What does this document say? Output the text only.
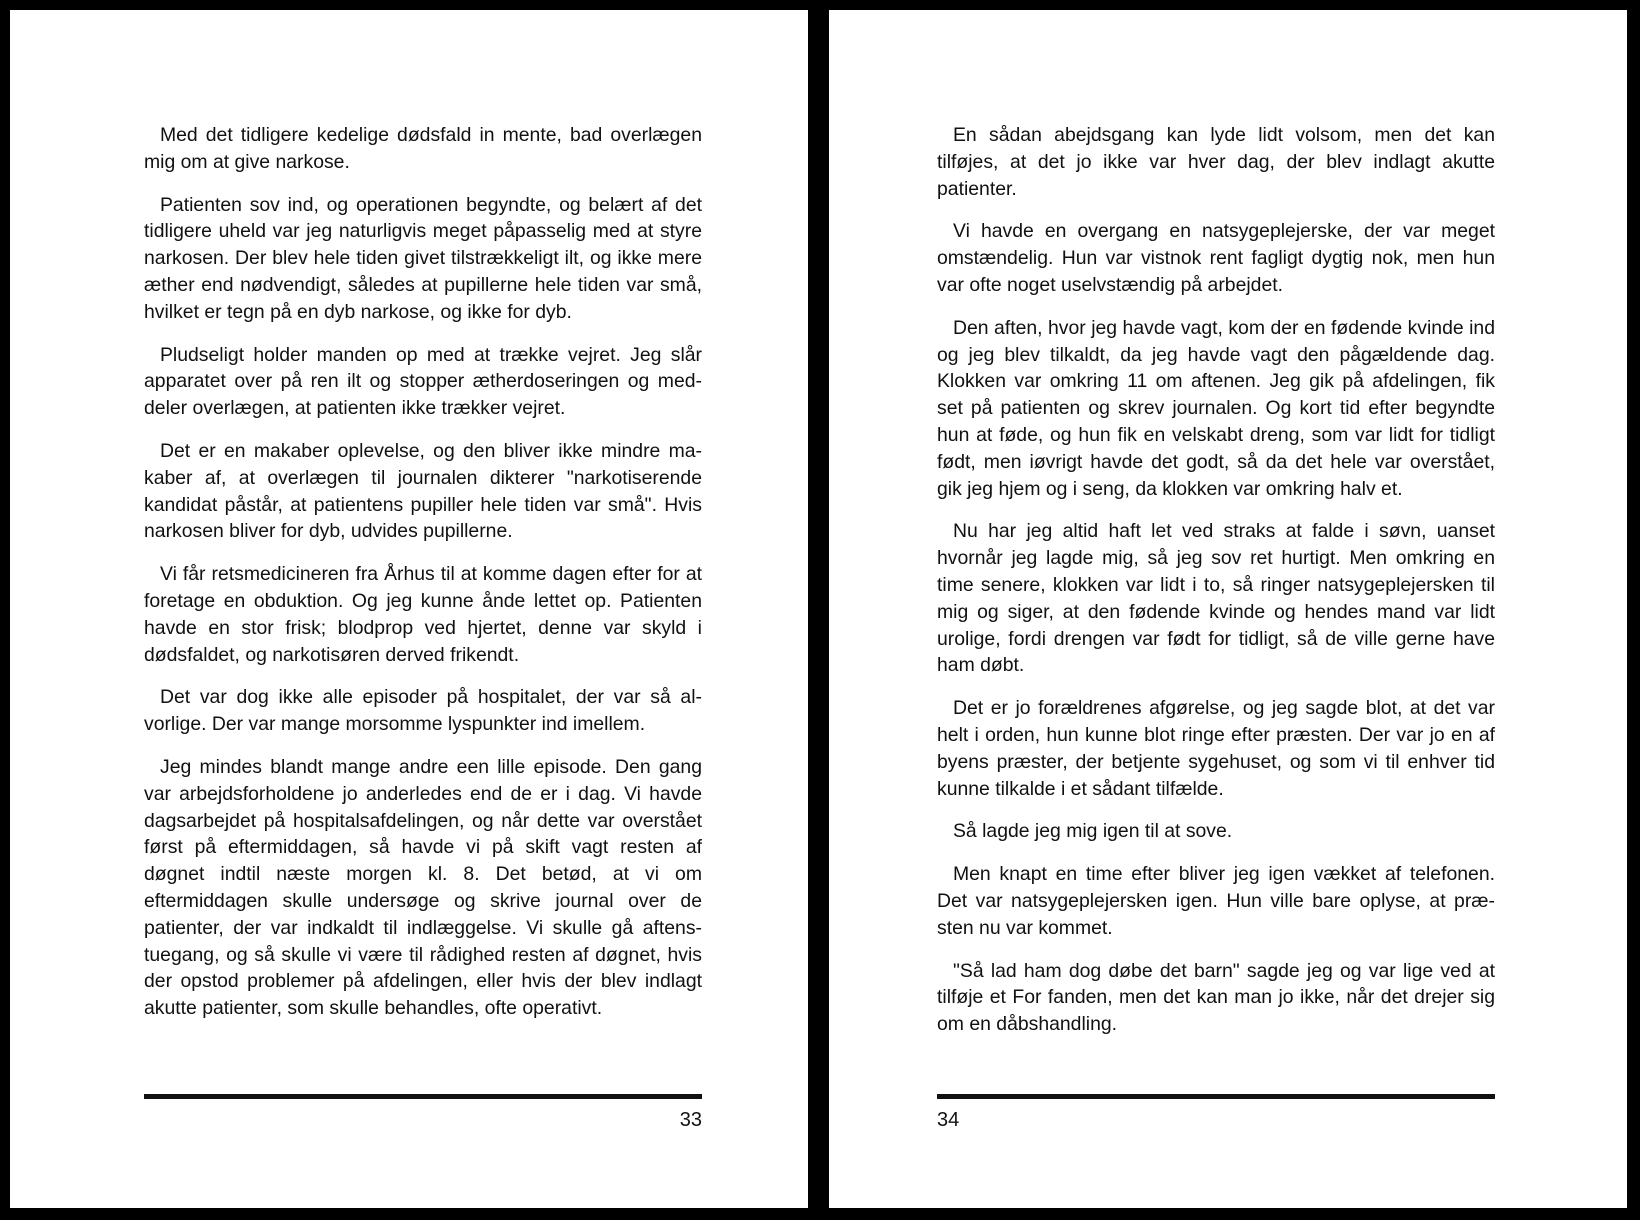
Med det tidligere kedelige dødsfald in mente, bad overlægen mig om at give narkose.

Patienten sov ind, og operationen begyndte, og belært af det tidligere uheld var jeg naturligvis meget påpasselig med at styre narkosen. Der blev hele tiden givet tilstrækkeligt ilt, og ikke mere æther end nødvendigt, således at pupillerne hele tiden var små, hvilket er tegn på en dyb narkose, og ikke for dyb.

Pludseligt holder manden op med at trække vejret. Jeg slår apparatet over på ren ilt og stopper ætherdoseringen og meddeler overlægen, at patienten ikke trækker vejret.

Det er en makaber oplevelse, og den bliver ikke mindre makaber af, at overlægen til journalen dikterer "narkotiserende kandidat påstår, at patientens pupiller hele tiden var små". Hvis narkosen bliver for dyb, udvides pupillerne.

Vi får retsmedicineren fra Århus til at komme dagen efter for at foretage en obduktion. Og jeg kunne ånde lettet op. Patienten havde en stor frisk; blodprop ved hjertet, denne var skyld i dødsfaldet, og narkotisøren derved frikendt.

Det var dog ikke alle episoder på hospitalet, der var så alvorlige. Der var mange morsomme lyspunkter ind imellem.

Jeg mindes blandt mange andre een lille episode. Den gang var arbejdsforholdene jo anderledes end de er i dag. Vi havde dagsarbejdet på hospitalsafdelingen, og når dette var overstået først på eftermiddagen, så havde vi på skift vagt resten af døgnet indtil næste morgen kl. 8. Det betød, at vi om eftermiddagen skulle undersøge og skrive journal over de patienter, der var indkaldt til indlæggelse. Vi skulle gå aftenstuegang, og så skulle vi være til rådighed resten af døgnet, hvis der opstod problemer på afdelingen, eller hvis der blev indlagt akutte patienter, som skulle behandles, ofte operativt.

33

En sådan abejdsgang kan lyde lidt volsom, men det kan tilføjes, at det jo ikke var hver dag, der blev indlagt akutte patienter.

Vi havde en overgang en natsygeplejerske, der var meget omstændelig. Hun var vistnok rent fagligt dygtig nok, men hun var ofte noget uselvstændig på arbejdet.

Den aften, hvor jeg havde vagt, kom der en fødende kvinde ind og jeg blev tilkaldt, da jeg havde vagt den pågældende dag. Klokken var omkring 11 om aftenen. Jeg gik på afdelingen, fik set på patienten og skrev journalen. Og kort tid efter begyndte hun at føde, og hun fik en velskabt dreng, som var lidt for tidligt født, men iøvrigt havde det godt, så da det hele var overstået, gik jeg hjem og i seng, da klokken var omkring halv et.

Nu har jeg altid haft let ved straks at falde i søvn, uanset hvornår jeg lagde mig, så jeg sov ret hurtigt. Men omkring en time senere, klokken var lidt i to, så ringer natsygeplejersken til mig og siger, at den fødende kvinde og hendes mand var lidt urolige, fordi drengen var født for tidligt, så de ville gerne have ham døbt.

Det er jo forældrenes afgørelse, og jeg sagde blot, at det var helt i orden, hun kunne blot ringe efter præsten. Der var jo en af byens præster, der betjente sygehuset, og som vi til enhver tid kunne tilkalde i et sådant tilfælde.

Så lagde jeg mig igen til at sove.

Men knapt en time efter bliver jeg igen vækket af telefonen. Det var natsygeplejersken igen. Hun ville bare oplyse, at præsten nu var kommet.

"Så lad ham dog døbe det barn" sagde jeg og var lige ved at tilføje et For fanden, men det kan man jo ikke, når det drejer sig om en dåbshandling.

34
